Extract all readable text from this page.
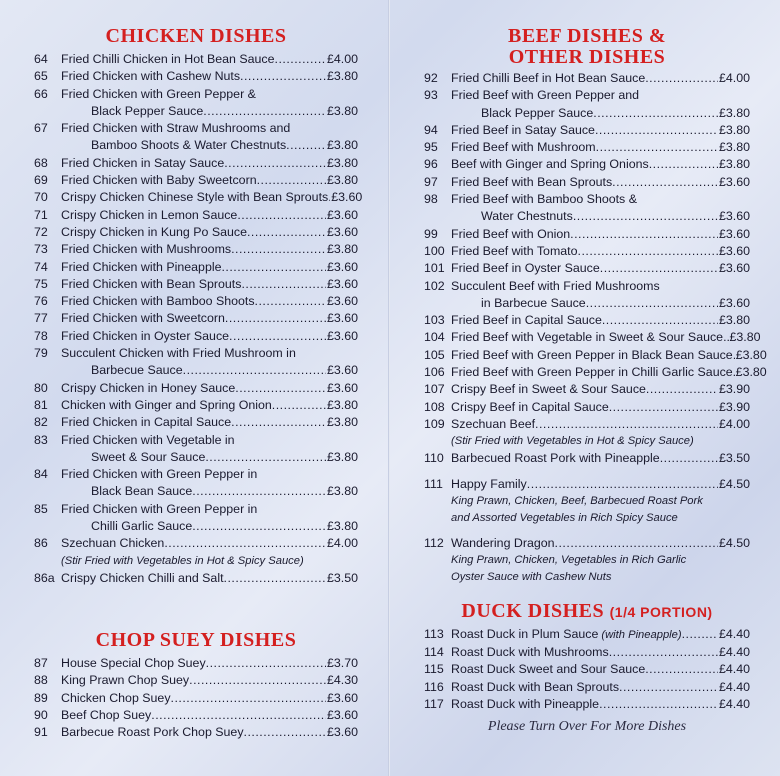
CHICKEN DISHES
64	Fried Chilli Chicken in Hot Bean Sauce .....	£4.00
65	Fried Chicken with Cashew Nuts .....	£3.80
66	Fried Chicken with Green Pepper &
Black Pepper Sauce .....	£3.80
67	Fried Chicken with Straw Mushrooms and
Bamboo Shoots & Water Chestnuts .....	£3.80
68	Fried Chicken in Satay Sauce .....	£3.80
69	Fried Chicken with Baby Sweetcorn .....	£3.80
70	Crispy Chicken Chinese Style with Bean Sprouts ..... £3.60
71	Crispy Chicken in Lemon Sauce .....	£3.60
72	Crispy Chicken in Kung Po Sauce .....	£3.60
73	Fried Chicken with Mushrooms .....	£3.80
74	Fried Chicken with Pineapple .....	£3.60
75	Fried Chicken with Bean Sprouts .....	£3.60
76	Fried Chicken with Bamboo Shoots .....	£3.60
77	Fried Chicken with Sweetcorn .....	£3.60
78	Fried Chicken in Oyster Sauce .....	£3.60
79	Succulent Chicken with Fried Mushroom in
Barbecue Sauce .....	£3.60
80	Crispy Chicken in Honey Sauce .....	£3.60
81	Chicken with Ginger and Spring Onion .....	£3.80
82	Fried Chicken in Capital Sauce .....	£3.80
83	Fried Chicken with Vegetable in
Sweet & Sour Sauce .....	£3.80
84	Fried Chicken with Green Pepper in
Black Bean Sauce .....	£3.80
85	Fried Chicken with Green Pepper in
Chilli Garlic Sauce .....	£3.80
86	Szechuan Chicken .....	£4.00
(Stir Fried with Vegetables in Hot & Spicy Sauce)
86a Crispy Chicken Chilli and Salt .....	£3.50
CHOP SUEY DISHES
87	House Special Chop Suey .....	£3.70
88	King Prawn Chop Suey .....	£4.30
89	Chicken Chop Suey .....	£3.60
90	Beef Chop Suey .....	£3.60
91	Barbecue Roast Pork Chop Suey .....	£3.60
BEEF DISHES &
OTHER DISHES
92	Fried Chilli Beef in Hot Bean Sauce .....	£4.00
93	Fried Beef with Green Pepper and
Black Pepper Sauce .....	£3.80
94	Fried Beef in Satay Sauce .....	£3.80
95	Fried Beef with Mushroom .....	£3.80
96	Beef with Ginger and Spring Onions .....	£3.80
97	Fried Beef with Bean Sprouts .....	£3.60
98	Fried Beef with Bamboo Shoots &
Water Chestnuts .....	£3.60
99	Fried Beef with Onion .....	£3.60
100 Fried Beef with Tomato .....	£3.60
101 Fried Beef in Oyster Sauce .....	£3.60
102 Succulent Beef with Fried Mushrooms
in Barbecue Sauce .....	£3.60
103 Fried Beef in Capital Sauce .....	£3.80
104 Fried Beef with Vegetable in Sweet & Sour Sauce. ..... £3.80
105 Fried Beef with Green Pepper in Black Bean Sauce ..... £3.80
106 Fried Beef with Green Pepper in Chilli Garlic Sauce ..... £3.80
107 Crispy Beef in Sweet & Sour Sauce .....	£3.90
108 Crispy Beef in Capital Sauce .....	£3.90
109 Szechuan Beef .....	£4.00
(Stir Fried with Vegetables in Hot & Spicy Sauce)
110 Barbecued Roast Pork with Pineapple .....	£3.50
111 Happy Family .....	£4.50
King Prawn, Chicken, Beef, Barbecued Roast Pork
and Assorted Vegetables in Rich Spicy Sauce
112 Wandering Dragon .....	£4.50
King Prawn, Chicken, Vegetables in Rich Garlic
Oyster Sauce with Cashew Nuts
DUCK DISHES (1/4 PORTION)
113 Roast Duck in Plum Sauce (with Pineapple) .....	£4.40
114 Roast Duck with Mushrooms .....	£4.40
115 Roast Duck Sweet and Sour Sauce .....	£4.40
116 Roast Duck with Bean Sprouts .....	£4.40
117 Roast Duck with Pineapple .....	£4.40
Please Turn Over For More Dishes
